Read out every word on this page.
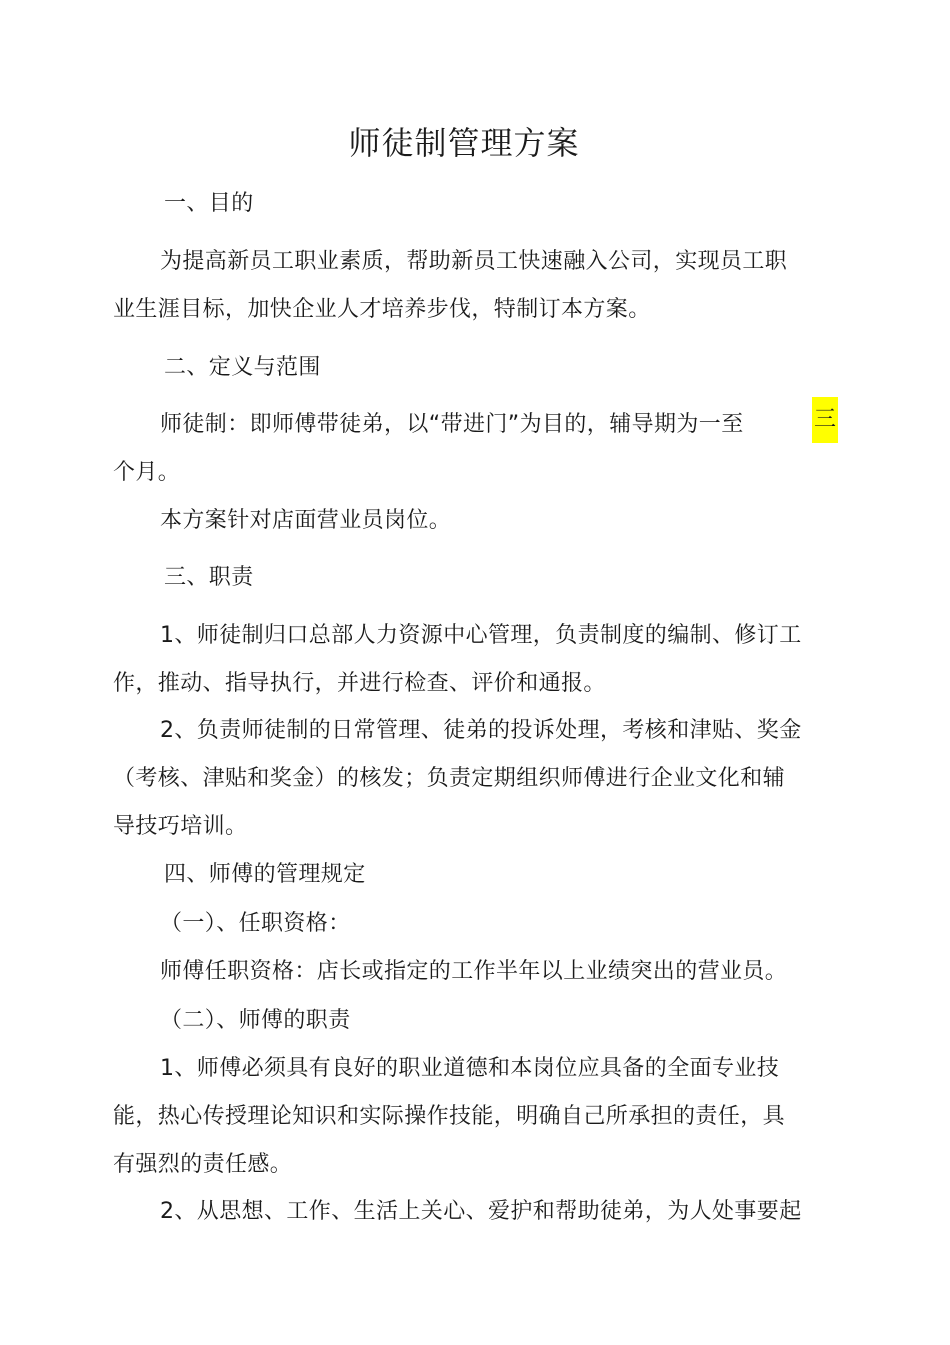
师徒制管理方案
一、目的
为提高新员工职业素质，帮助新员工快速融入公司，实现员工职
业生涯目标，加快企业人才培养步伐，特制订本方案。
二、定义与范围
师徒制：即师傅带徒弟，以“带进门”为目的，辅导期为一至	三
个月。
本方案针对店面营业员岗位。
三、职责
1、师徒制归口总部人力资源中心管理，负责制度的编制、修订工
作，推动、指导执行，并进行检查、评价和通报。
2、负责师徒制的日常管理、徒弟的投诉处理，考核和津贴、奖金
（考核、津贴和奖金）的核发；负责定期组织师傅进行企业文化和辅
导技巧培训。
四、师傅的管理规定
（一）、任职资格：
师傅任职资格：店长或指定的工作半年以上业绩突出的营业员。
（二）、师傅的职责
1、师傅必须具有良好的职业道德和本岗位应具备的全面专业技
能，热心传授理论知识和实际操作技能，明确自己所承担的责任，具
有强烈的责任感。
2、从思想、工作、生活上关心、爱护和帮助徒弟，为人处事要起
